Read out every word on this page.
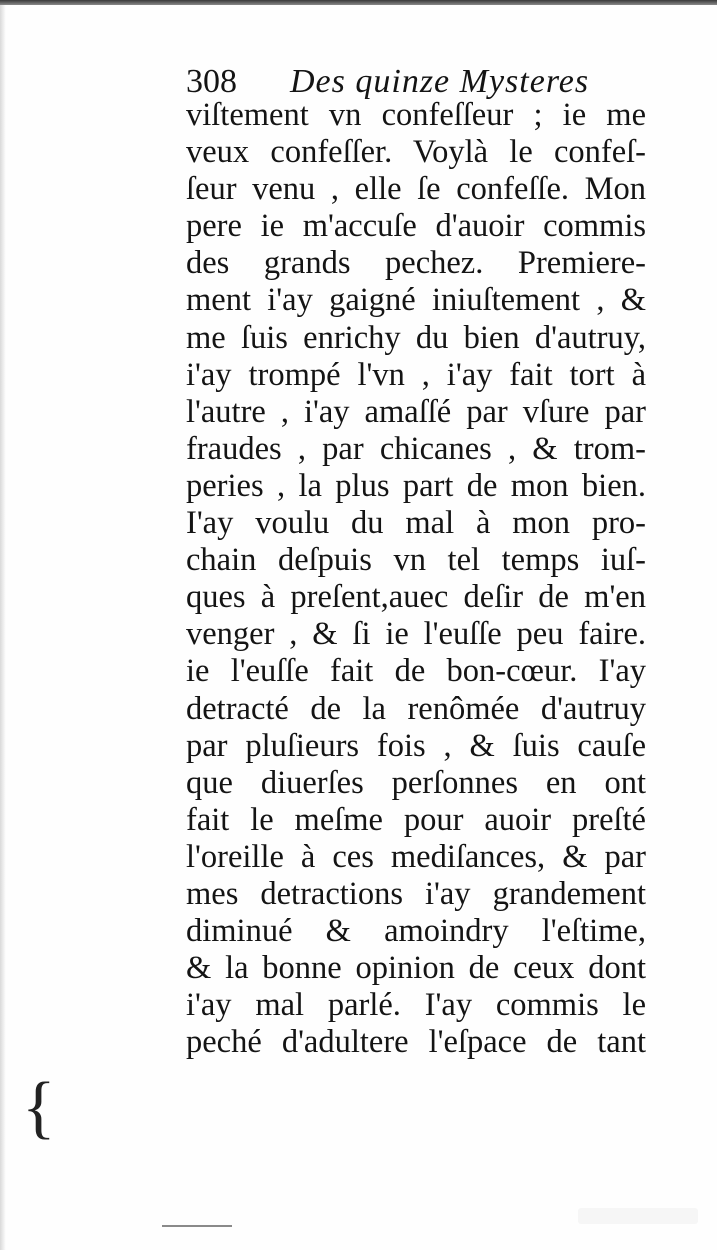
308 Des quinze Mysteres
viſtement vn confeſſeur ; ie me
veux confeſſer. Voylà le confeſ-
ſeur venu , elle ſe confeſſe. Mon
pere ie m'accuſe d'auoir commis
des grands pechez. Premiere-
ment i'ay gaigné iniuſtement , &
me ſuis enrichy du bien d'autruy,
i'ay trompé l'vn , i'ay fait tort à
l'autre , i'ay amaſſé par vſure par
fraudes , par chicanes , & trom-
peries , la plus part de mon bien.
I'ay voulu du mal à mon pro-
chain deſpuis vn tel temps iuſ-
ques à preſent,auec deſir de m'en
venger , & ſi ie l'euſſe peu faire.
ie l'euſſe fait de bon-cœur. I'ay
detracté de la renômée d'autruy
par pluſieurs fois , & ſuis cauſe
que diuerſes perſonnes en ont
fait le meſme pour auoir preſté
l'oreille à ces mediſances, & par
mes detractions i'ay grandement
diminué & amoindry l'eſtime,
& la bonne opinion de ceux dont
i'ay mal parlé. I'ay commis le
peché d'adultere l'eſpace de tant
{
